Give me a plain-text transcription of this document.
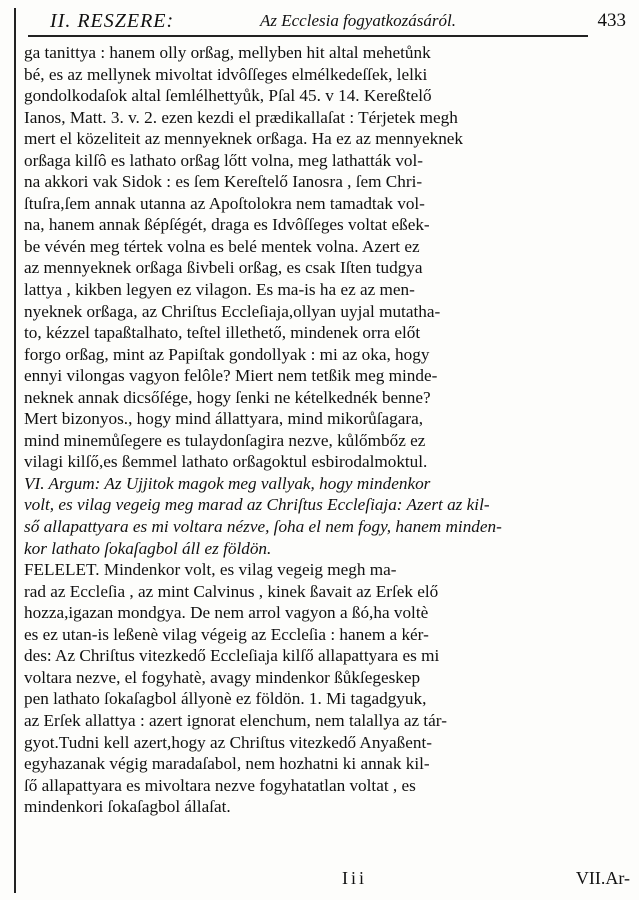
II. RESZERE:	Az Ecclesia fogyatkozásáról.	433
ga tanittya : hanem olly orßag, mellyben hit altal mehetůnk
bé, es az mellynek mivoltat idvôſſeges elmélkedeſſek, lelki
gondolkodaſok altal ſemlélhettyůk, Pſal 45. v 14. Kereßtelő
Ianos, Matt. 3. v. 2. ezen kezdi el prædikallaſat : Térjetek megh
mert el közeliteit az mennyeknek orßaga. Ha ez az mennyeknek
orßaga kilſô es lathato orßag lőtt volna, meg lathatták vol-
na akkori vak Sidok : es ſem Kereſtelő Ianosra , ſem Chri-
ſtuſra,ſem annak utanna az Apoſtolokra nem tamadtak vol-
na, hanem annak ßépſégét, draga es Idvôſſeges voltat eßek-
be vévén meg tértek volna es belé mentek volna. Azert ez
az mennyeknek orßaga ßivbeli orßag, es csak Iſten tudgya
lattya , kikben legyen ez vilagon. Es ma-is ha ez az men-
nyeknek orßaga, az Chriſtus Eccleſiaja,ollyan uyjal mutatha-
to, kézzel tapaßtalhato, teſtel illethető, mindenek orra előt
forgo orßag, mint az Papiſtak gondollyak : mi az oka, hogy
ennyi vilongas vagyon felôle? Miert nem tetßik meg minde-
neknek annak dicsőſége, hogy ſenki ne kételkednék benne?
Mert bizonyos., hogy mind állattyara, mind mikorůſagara,
mind minemůſegere es tulaydonſagira nezve, kůlőmbőz ez
vilagi kilſő,es ßemmel lathato orßagoktul esbirodalmoktul.
VI. Argum: Az Ujjitok magok meg vallyak, hogy mindenkor
volt, es vilag vegeig meg marad az Chriſtus Eccleſiaja: Azert az kil-
ső allapattyara es mi voltara nézve, ſoha el nem fogy, hanem minden-
kor lathato ſokaſagbol áll ez földön.
FELELET. Mindenkor volt, es vilag vegeig megh ma-
rad az Eccleſia , az mint Calvinus , kinek ßavait az Erſek elő
hozza,igazan mondgya. De nem arrol vagyon a ßó,ha voltè
es ez utan-is leßenè vilag végeig az Eccleſia : hanem a kér-
des: Az Chriſtus vitezkedő Eccleſiaja kilſő allapattyara es mi
voltara nezve, el fogyhatè, avagy mindenkor ßůkſegeskep
pen lathato ſokaſagbol állyonè ez földön. 1. Mi tagadgyuk,
az Erſek allattya : azert ignorat elenchum, nem talallya az tár-
gyot.Tudni kell azert,hogy az Chriſtus vitezkedő Anyaßent-
egyhazanak végig maradaſabol, nem hozhatni ki annak kil-
ſő allapattyara es mivoltara nezve fogyhatatlan voltat , es
mindenkori ſokaſagbol állaſat.
Iii	VII.Ar-
